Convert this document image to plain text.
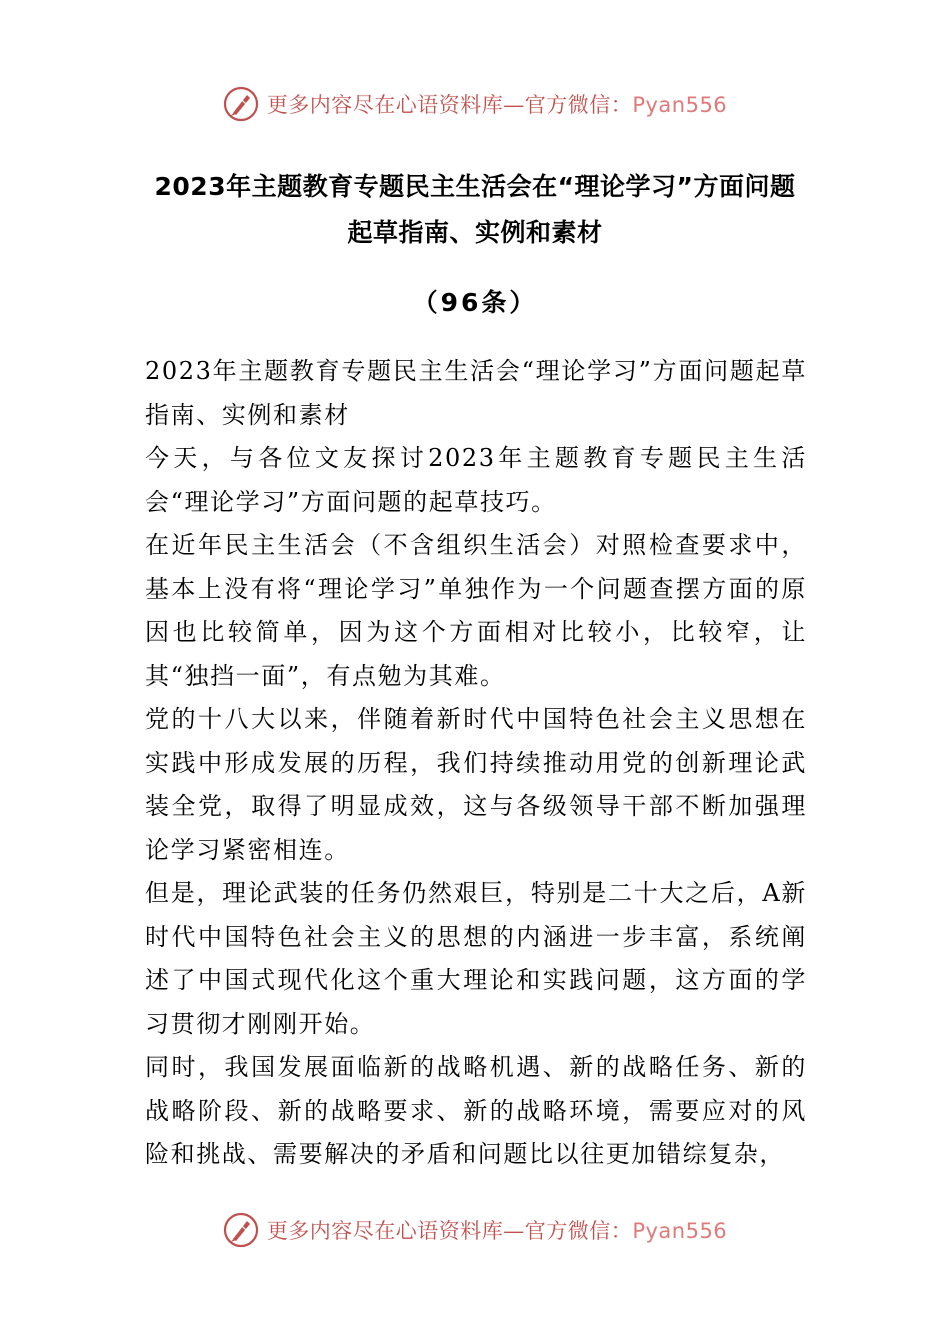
更多内容尽在心语资料库—官方微信：Pyan556
2023年主题教育专题民主生活会在“理论学习”方面问题
起草指南、实例和素材
（96条）

2023年主题教育专题民主生活会“理论学习”方面问题起草指南、实例和素材

今天，与各位文友探讨2023年主题教育专题民主生活会“理论学习”方面问题的起草技巧。

在近年民主生活会（不含组织生活会）对照检查要求中，基本上没有将“理论学习”单独作为一个问题查摆方面的原因也比较简单，因为这个方面相对比较小，比较窄，让其“独挡一面”，有点勉为其难。

党的十八大以来，伴随着新时代中国特色社会主义思想在实践中形成发展的历程，我们持续推动用党的创新理论武装全党，取得了明显成效，这与各级领导干部不断加强理论学习紧密相连。

但是，理论武装的任务仍然艰巨，特别是二十大之后，A新时代中国特色社会主义的思想的内涵进一步丰富，系统阐述了中国式现代化这个重大理论和实践问题，这方面的学习贯彻才刚刚开始。

同时，我国发展面临新的战略机遇、新的战略任务、新的战略阶段、新的战略要求、新的战略环境，需要应对的风险和挑战、需要解决的矛盾和问题比以往更加错综复杂，

更多内容尽在心语资料库—官方微信：Pyan556
